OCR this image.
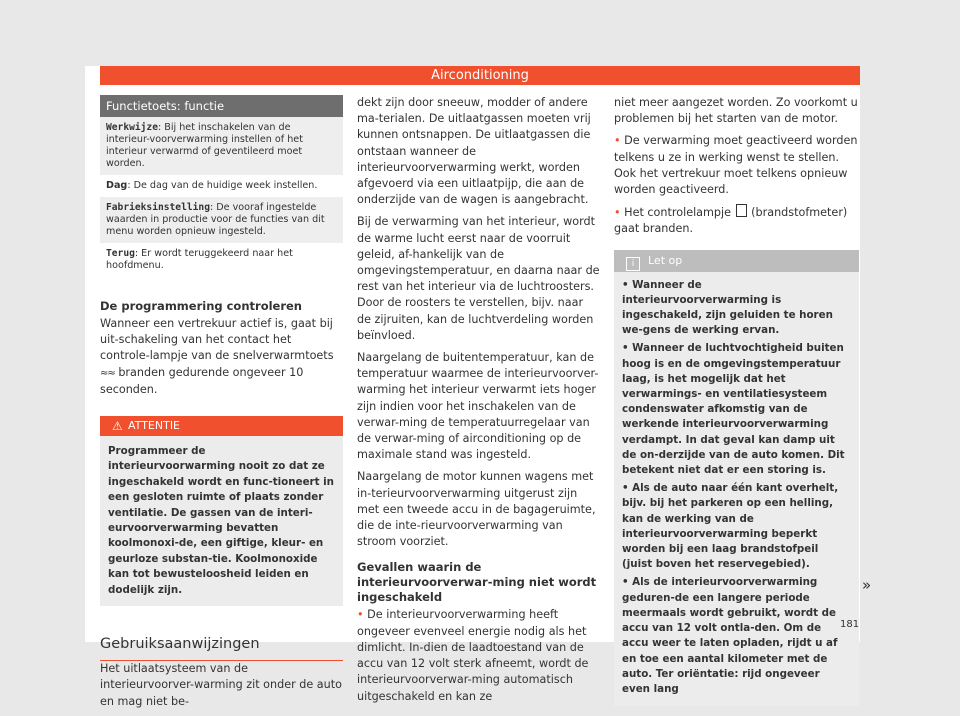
Airconditioning
Functietoets: functie
Werkwijze: Bij het inschakelen van de interieur-voorverwarming instellen of het interieur verwarmd of geventileerd moet worden.
Dag: De dag van de huidige week instellen.
Fabrieksinstelling: De vooraf ingestelde waarden in productie voor de functies van dit menu worden opnieuw ingesteld.
Terug: Er wordt teruggekeerd naar het hoofdmenu.
De programmering controleren

Wanneer een vertrekuur actief is, gaat bij uit-schakeling van het contact het controle-lampje van de snelverwarmtoets ≈≈ branden gedurende ongeveer 10 seconden.

⚠ ATTENTIE
Programmeer de interieurvoorwarming nooit zo dat ze ingeschakeld wordt en func-tioneert in een gesloten ruimte of plaats zonder ventilatie. De gassen van de interi-eurvoorverwarming bevatten koolmonoxi-de, een giftige, kleur- en geurloze substan-tie. Koolmonoxide kan tot bewusteloosheid leiden en dodelijk zijn.
Gebruiksaanwijzingen

Het uitlaatsysteem van de interieurvoorver-warming zit onder de auto en mag niet be-

dekt zijn door sneeuw, modder of andere ma-terialen. De uitlaatgassen moeten vrij kunnen ontsnappen. De uitlaatgassen die ontstaan wanneer de interieurvoorverwarming werkt, worden afgevoerd via een uitlaatpijp, die aan de onderzijde van de wagen is aangebracht.

Bij de verwarming van het interieur, wordt de warme lucht eerst naar de voorruit geleid, af-hankelijk van de omgevingstemperatuur, en daarna naar de rest van het interieur via de luchtroosters. Door de roosters te verstellen, bijv. naar de zijruiten, kan de luchtverdeling worden beïnvloed.

Naargelang de buitentemperatuur, kan de temperatuur waarmee de interieurvoorver-warming het interieur verwarmt iets hoger zijn indien voor het inschakelen van de verwar-ming de temperatuurregelaar van de verwar-ming of airconditioning op de maximale stand was ingesteld.

Naargelang de motor kunnen wagens met in-terieurvoorverwarming uitgerust zijn met een tweede accu in de bagageruimte, die de inte-rieurvoorverwarming van stroom voorziet.

Gevallen waarin de interieurvoorverwar-ming niet wordt ingeschakeld

• De interieurvoorverwarming heeft ongeveer evenveel energie nodig als het dimlicht. In-dien de laadtoestand van de accu van 12 volt sterk afneemt, wordt de interieurvoorverwar-ming automatisch uitgeschakeld en kan ze

niet meer aangezet worden. Zo voorkomt u problemen bij het starten van de motor.

• De verwarming moet geactiveerd worden telkens u ze in werking wenst te stellen. Ook het vertrekuur moet telkens opnieuw worden geactiveerd.

• Het controlelampje (brandstofmeter) gaat branden.

i Let op

• Wanneer de interieurvoorverwarming is ingeschakeld, zijn geluiden te horen we-gens de werking ervan.

• Wanneer de luchtvochtigheid buiten hoog is en de omgevingstemperatuur laag, is het mogelijk dat het verwarmings- en ventilatiesysteem condenswater afkomstig van de werkende interieurvoorverwarming verdampt. In dat geval kan damp uit de on-derzijde van de auto komen. Dit betekent niet dat er een storing is.

• Als de auto naar één kant overhelt, bijv. bij het parkeren op een helling, kan de werking van de interieurvoorverwarming beperkt worden bij een laag brandstofpeil (juist boven het reservegebied).

• Als de interieurvoorverwarming geduren-de een langere periode meermaals wordt gebruikt, wordt de accu van 12 volt ontla-den. Om de accu weer te laten opladen, rijdt u af en toe een aantal kilometer met de auto. Ter oriëntatie: rijd ongeveer even lang

»
181
